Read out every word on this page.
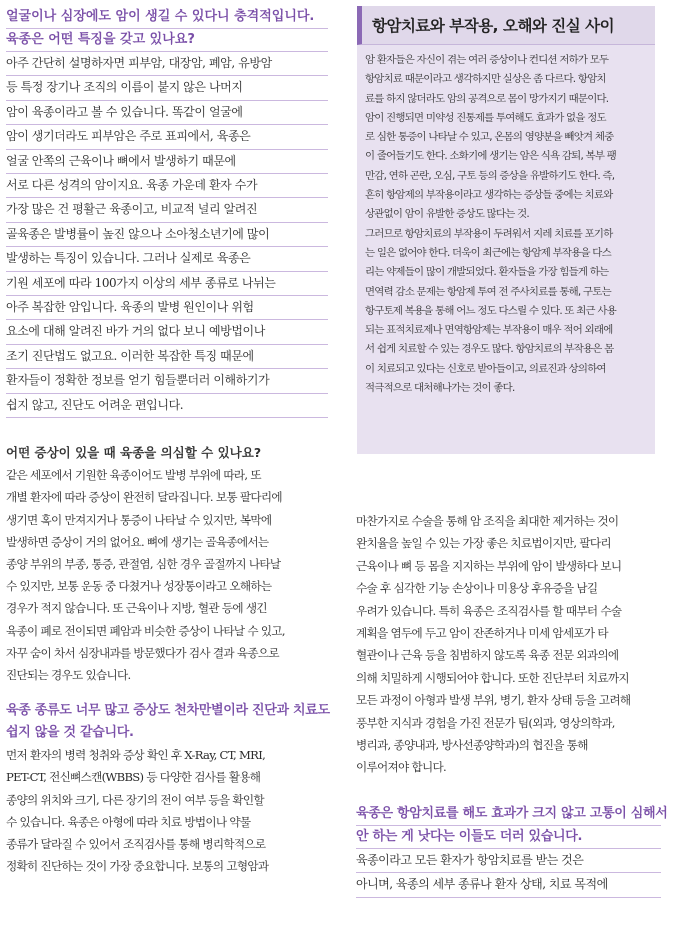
얼굴이나 심장에도 암이 생길 수 있다니 충격적입니다.
육종은 어떤 특징을 갖고 있나요?
아주 간단히 설명하자면 피부암, 대장암, 폐암, 유방암
등 특정 장기나 조직의 이름이 붙지 않은 나머지
암이 육종이라고 볼 수 있습니다. 똑같이 얼굴에
암이 생기더라도 피부암은 주로 표피에서, 육종은
얼굴 안쪽의 근육이나 뼈에서 발생하기 때문에
서로 다른 성격의 암이지요. 육종 가운데 환자 수가
가장 많은 건 평활근 육종이고, 비교적 널리 알려진
골육종은 발병률이 높진 않으나 소아청소년기에 많이
발생하는 특징이 있습니다. 그러나 실제로 육종은
기원 세포에 따라 100가지 이상의 세부 종류로 나뉘는
아주 복잡한 암입니다. 육종의 발병 원인이나 위험
요소에 대해 알려진 바가 거의 없다 보니 예방법이나
조기 진단법도 없고요. 이러한 복잡한 특징 때문에
환자들이 정확한 정보를 얻기 힘들뿐더러 이해하기가
쉽지 않고, 진단도 어려운 편입니다.
어떤 증상이 있을 때 육종을 의심할 수 있나요?
같은 세포에서 기원한 육종이어도 발병 부위에 따라, 또
개별 환자에 따라 증상이 완전히 달라집니다. 보통 팔다리에
생기면 혹이 만져지거나 통증이 나타날 수 있지만, 복막에
발생하면 증상이 거의 없어요. 뼈에 생기는 골육종에서는
종양 부위의 부종, 통증, 관절염, 심한 경우 골절까지 나타날
수 있지만, 보통 운동 중 다쳤거나 성장통이라고 오해하는
경우가 적지 않습니다. 또 근육이나 지방, 혈관 등에 생긴
육종이 폐로 전이되면 폐암과 비슷한 증상이 나타날 수 있고,
자꾸 숨이 차서 심장내과를 방문했다가 검사 결과 육종으로
진단되는 경우도 있습니다.
육종 종류도 너무 많고 증상도 천차만별이라 진단과 치료도
쉽지 않을 것 같습니다.
먼저 환자의 병력 청취와 증상 확인 후 X-Ray, CT, MRI,
PET-CT, 전신뼈스캔(WBBS) 등 다양한 검사를 활용해
종양의 위치와 크기, 다른 장기의 전이 여부 등을 확인할
수 있습니다. 육종은 아형에 따라 치료 방법이나 약물
종류가 달라질 수 있어서 조직검사를 통해 병리학적으로
정확히 진단하는 것이 가장 중요합니다. 보통의 고형암과
항암치료와 부작용, 오해와 진실 사이
암 환자들은 자신이 겪는 여러 증상이나 컨디션 저하가 모두
항암치료 때문이라고 생각하지만 실상은 좀 다르다. 항암치
료를 하지 않더라도 암의 공격으로 몸이 망가지기 때문이다.
암이 진행되면 미약성 진통제를 투여해도 효과가 없을 정도
로 심한 통증이 나타날 수 있고, 온몸의 영양분을 빼앗겨 체중
이 줄어들기도 한다. 소화기에 생기는 암은 식욕 감퇴, 복부 팽
만감, 연하 곤란, 오심, 구토 등의 증상을 유발하기도 한다. 즉,
흔히 항암제의 부작용이라고 생각하는 증상들 중에는 치료와
상관없이 암이 유발한 증상도 많다는 것.
그러므로 항암치료의 부작용이 두려워서 지레 치료를 포기하
는 일은 없어야 한다. 더욱이 최근에는 항암제 부작용을 다스
리는 약제들이 많이 개발되었다. 환자들을 가장 힘들게 하는
면역력 감소 문제는 항암제 투여 전 주사치료를 통해, 구토는
항구토제 복용을 통해 어느 정도 다스릴 수 있다. 또 최근 사용
되는 표적치료제나 면역항암제는 부작용이 매우 적어 외래에
서 쉽게 치료할 수 있는 경우도 많다. 항암치료의 부작용은 몸
이 치료되고 있다는 신호로 받아들이고, 의료진과 상의하여
적극적으로 대처해나가는 것이 좋다.
마찬가지로 수술을 통해 암 조직을 최대한 제거하는 것이
완치율을 높일 수 있는 가장 좋은 치료법이지만, 팔다리
근육이나 뼈 등 몸을 지지하는 부위에 암이 발생하다 보니
수술 후 심각한 기능 손상이나 미용상 후유증을 남길
우려가 있습니다. 특히 육종은 조직검사를 할 때부터 수술
계획을 염두에 두고 암이 잔존하거나 미세 암세포가 타
혈관이나 근육 등을 침범하지 않도록 육종 전문 외과의에
의해 치밀하게 시행되어야 합니다. 또한 진단부터 치료까지
모든 과정이 아형과 발생 부위, 병기, 환자 상태 등을 고려해
풍부한 지식과 경험을 가진 전문가 팀(외과, 영상의학과,
병리과, 종양내과, 방사선종양학과)의 협진을 통해
이루어져야 합니다.
육종은 항암치료를 해도 효과가 크지 않고 고통이 심해서
안 하는 게 낫다는 이들도 더러 있습니다.
육종이라고 모든 환자가 항암치료를 받는 것은
아니며, 육종의 세부 종류나 환자 상태, 치료 목적에
